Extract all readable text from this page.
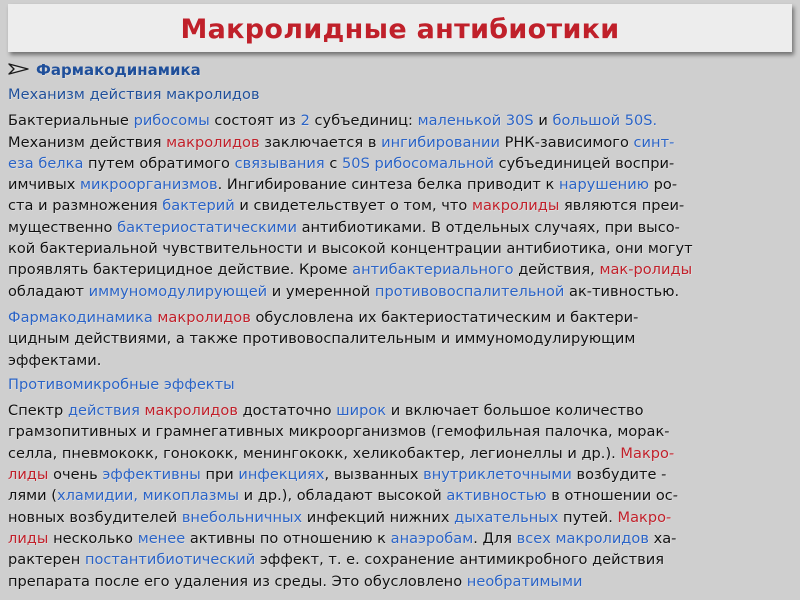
Макролидные антибиотики
Фармакодинамика
Механизм действия макролидов
Бактериальные рибосомы состоят из 2 субъединиц: маленькой 30S и большой 50S.
Механизм действия макролидов заключается в ингибировании РНК-зависимого синт-
еза белка путем обратимого связывания с 50S рибосомальной субъединицей воспри-
имчивых микроорганизмов. Ингибирование синтеза белка приводит к нарушению ро-
ста и размножения бактерий и свидетельствует о том, что макролиды являются преи-
мущественно бактериостатическими антибиотиками. В отдельных случаях, при высо-
кой бактериальной чувствительности и высокой концентрации антибиотика, они могут
проявлять бактерицидное действие. Кроме антибактериального действия, мак-ролиды
обладают иммуномодулирующей и умеренной противовоспалительной ак-тивностью.
Фармакодинамика макролидов обусловлена их бактериостатическим и бактери-
цидным действиями, а также противовоспалительным и иммуномодулирующим
эффектами.
Противомикробные эффекты
Спектр действия макролидов достаточно широк и включает большое количество
грамзопитивных и грамнегативных микроорганизмов (гемофильная палочка, морак-
селла, пневмококк, гонококк, менингококк, хеликобактер, легионеллы и др.). Макро-
лиды очень эффективны при инфекциях, вызванных внутриклеточными возбудите -
лями (хламидии, микоплазмы и др.), обладают высокой активностью в отношении ос-
новных возбудителей внебольничных инфекций нижних дыхательных путей. Макро-
лиды несколько менее активны по отношению к анаэробам. Для всех макролидов ха-
рактерен постантибиотический эффект, т. е. сохранение антимикробного действия
препарата после его удаления из среды. Это обусловлено необратимыми
